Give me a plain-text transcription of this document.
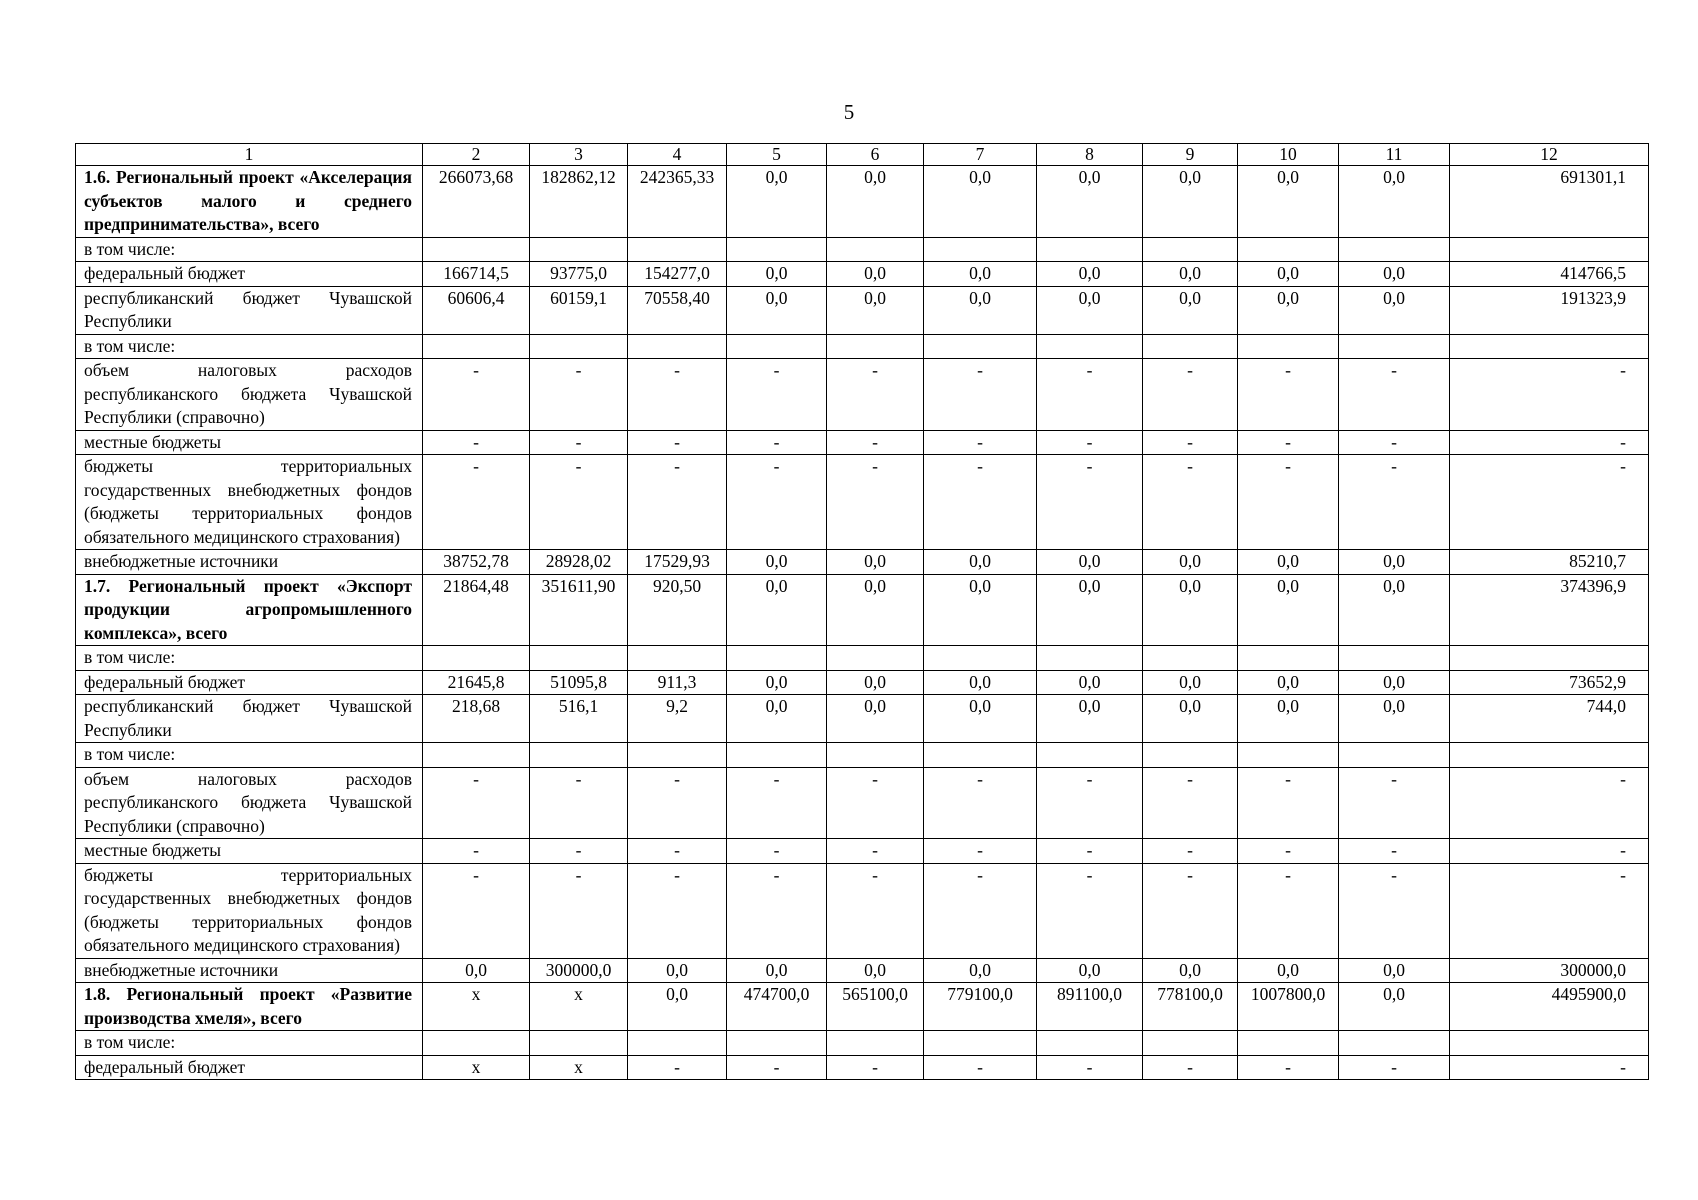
5
1	2	3	4	5	6	7	8	9	10	11	12
1.6. Региональный проект «Акселерация субъектов малого и среднего предпринимательства», всего	266073,68	182862,12	242365,33	0,0	0,0	0,0	0,0	0,0	0,0	0,0	691301,1
в том числе:											
федеральный бюджет	166714,5	93775,0	154277,0	0,0	0,0	0,0	0,0	0,0	0,0	0,0	414766,5
республиканский бюджет Чувашской Республики	60606,4	60159,1	70558,40	0,0	0,0	0,0	0,0	0,0	0,0	0,0	191323,9
в том числе:											
объем налоговых расходов республиканского бюджета Чувашской Республики (справочно)	-	-	-	-	-	-	-	-	-	-	-
местные бюджеты	-	-	-	-	-	-	-	-	-	-	-
бюджеты территориальных государственных внебюджетных фондов (бюджеты территориальных фондов обязательного медицинского страхования)	-	-	-	-	-	-	-	-	-	-	-
внебюджетные источники	38752,78	28928,02	17529,93	0,0	0,0	0,0	0,0	0,0	0,0	0,0	85210,7
1.7. Региональный проект «Экспорт продукции агропромышленного комплекса», всего	21864,48	351611,90	920,50	0,0	0,0	0,0	0,0	0,0	0,0	0,0	374396,9
в том числе:											
федеральный бюджет	21645,8	51095,8	911,3	0,0	0,0	0,0	0,0	0,0	0,0	0,0	73652,9
республиканский бюджет Чувашской Республики	218,68	516,1	9,2	0,0	0,0	0,0	0,0	0,0	0,0	0,0	744,0
в том числе:											
объем налоговых расходов республиканского бюджета Чувашской Республики (справочно)	-	-	-	-	-	-	-	-	-	-	-
местные бюджеты	-	-	-	-	-	-	-	-	-	-	-
бюджеты территориальных государственных внебюджетных фондов (бюджеты территориальных фондов обязательного медицинского страхования)	-	-	-	-	-	-	-	-	-	-	-
внебюджетные источники	0,0	300000,0	0,0	0,0	0,0	0,0	0,0	0,0	0,0	0,0	300000,0
1.8. Региональный проект «Развитие производства хмеля», всего	х	х	0,0	474700,0	565100,0	779100,0	891100,0	778100,0	1007800,0	0,0	4495900,0
в том числе:											
федеральный бюджет	х	х	-	-	-	-	-	-	-	-	-
